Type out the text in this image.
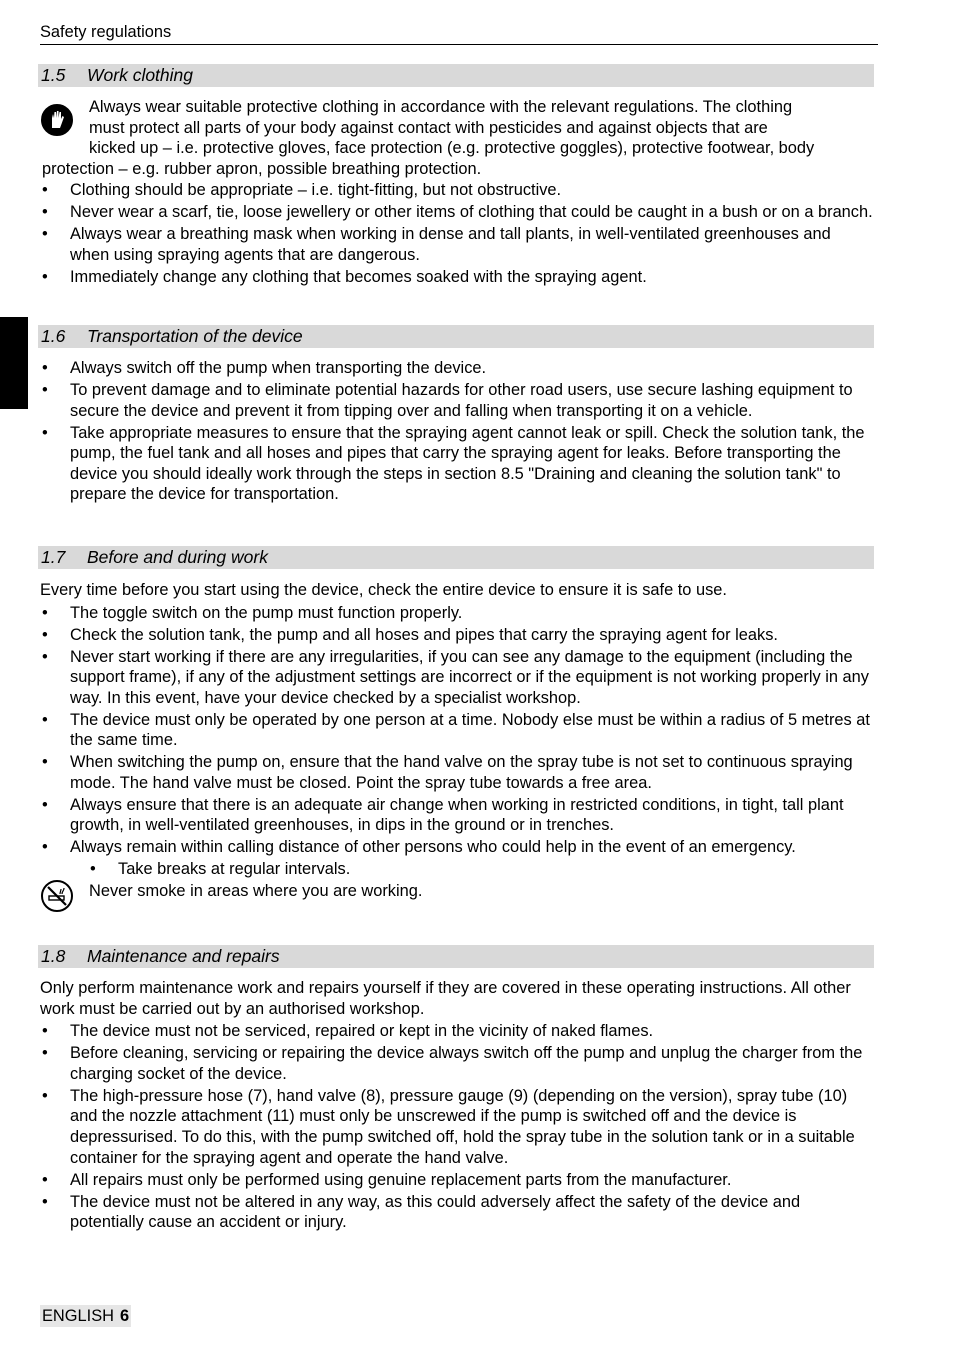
Safety regulations
1.5 Work clothing

Always wear suitable protective clothing in accordance with the relevant regulations. The clothing
must protect all parts of your body against contact with pesticides and against objects that are
kicked up – i.e. protective gloves, face protection (e.g. protective goggles), protective footwear, body
protection – e.g. rubber apron, possible breathing protection.

• Clothing should be appropriate – i.e. tight-fitting, but not obstructive.
• Never wear a scarf, tie, loose jewellery or other items of clothing that could be caught in a bush or on a branch.
• Always wear a breathing mask when working in dense and tall plants, in well-ventilated greenhouses and when using spraying agents that are dangerous.
• Immediately change any clothing that becomes soaked with the spraying agent.
1.6 Transportation of the device
• Always switch off the pump when transporting the device.
• To prevent damage and to eliminate potential hazards for other road users, use secure lashing equipment to secure the device and prevent it from tipping over and falling when transporting it on a vehicle.
• Take appropriate measures to ensure that the spraying agent cannot leak or spill. Check the solution tank, the pump, the fuel tank and all hoses and pipes that carry the spraying agent for leaks. Before transporting the device you should ideally work through the steps in section 8.5 "Draining and cleaning the solution tank" to prepare the device for transportation.
1.7 Before and during work

Every time before you start using the device, check the entire device to ensure it is safe to use.

• The toggle switch on the pump must function properly.
• Check the solution tank, the pump and all hoses and pipes that carry the spraying agent for leaks.
• Never start working if there are any irregularities, if you can see any damage to the equipment (including the support frame), if any of the adjustment settings are incorrect or if the equipment is not working properly in any way. In this event, have your device checked by a specialist workshop.
• The device must only be operated by one person at a time. Nobody else must be within a radius of 5 metres at the same time.
• When switching the pump on, ensure that the hand valve on the spray tube is not set to continuous spraying mode. The hand valve must be closed. Point the spray tube towards a free area.
• Always ensure that there is an adequate air change when working in restricted conditions, in tight, tall plant growth, in well-ventilated greenhouses, in dips in the ground or in trenches.
• Always remain within calling distance of other persons who could help in the event of an emergency.
• Take breaks at regular intervals.

Never smoke in areas where you are working.

1.8 Maintenance and repairs

Only perform maintenance work and repairs yourself if they are covered in these operating instructions. All other work must be carried out by an authorised workshop.

• The device must not be serviced, repaired or kept in the vicinity of naked flames.
• Before cleaning, servicing or repairing the device always switch off the pump and unplug the charger from the charging socket of the device.
• The high-pressure hose (7), hand valve (8), pressure gauge (9) (depending on the version), spray tube (10) and the nozzle attachment (11) must only be unscrewed if the pump is switched off and the device is depressurised. To do this, with the pump switched off, hold the spray tube in the solution tank or in a suitable container for the spraying agent and operate the hand valve.
• All repairs must only be performed using genuine replacement parts from the manufacturer.
• The device must not be altered in any way, as this could adversely affect the safety of the device and potentially cause an accident or injury.
ENGLISH 6
